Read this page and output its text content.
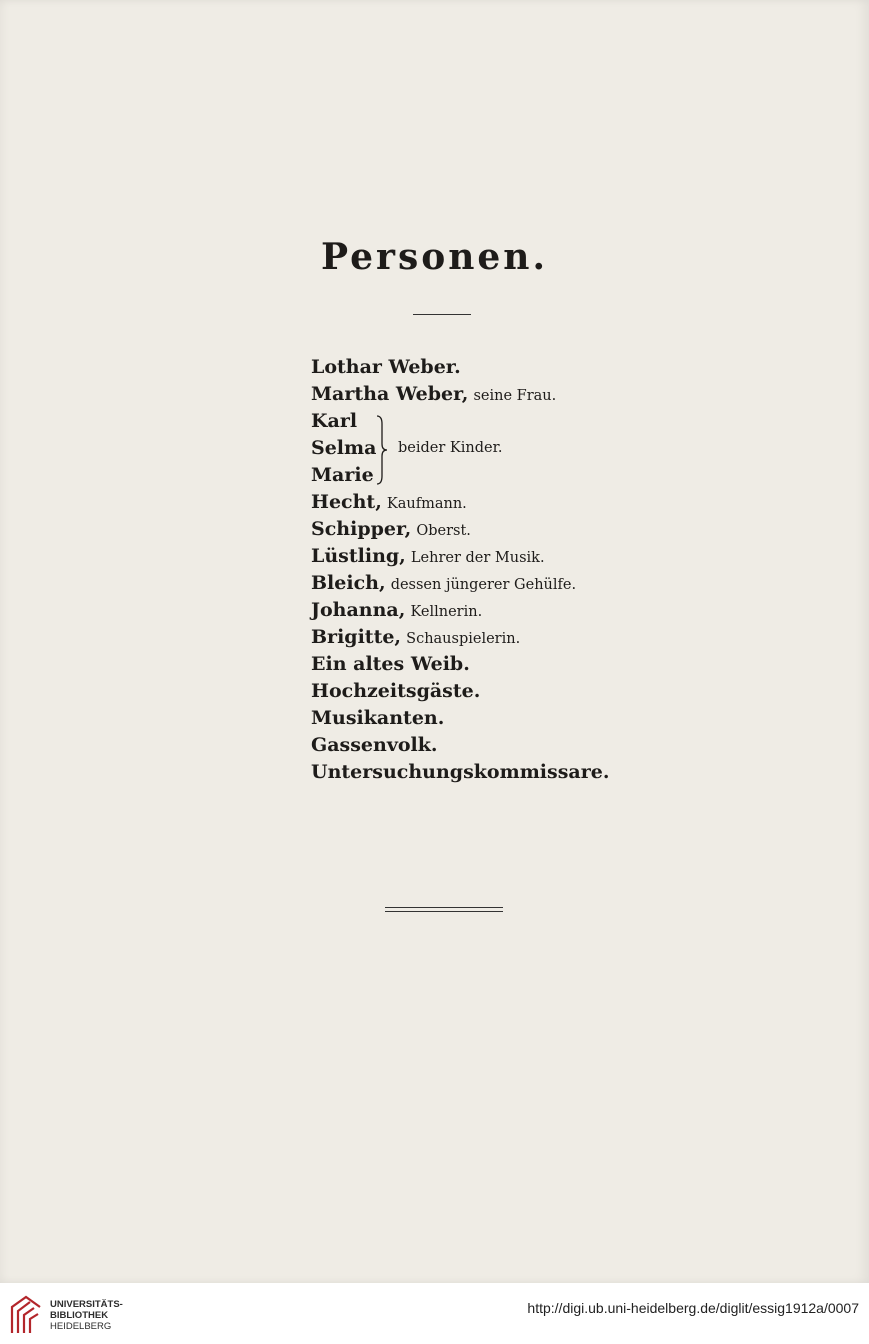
Personen.
Lothar Weber.
Martha Weber, seine Frau.
Karl
Selma
Marie
beider Kinder.
Hecht, Kaufmann.
Schipper, Oberst.
Lüstling, Lehrer der Musik.
Bleich, dessen jüngerer Gehülfe.
Johanna, Kellnerin.
Brigitte, Schauspielerin.
Ein altes Weib.
Hochzeitsgäste.
Musikanten.
Gassenvolk.
Untersuchungskommissare.
UNIVERSITÄTS-
BIBLIOTHEK
HEIDELBERG
http://digi.ub.uni-heidelberg.de/diglit/essig1912a/0007
